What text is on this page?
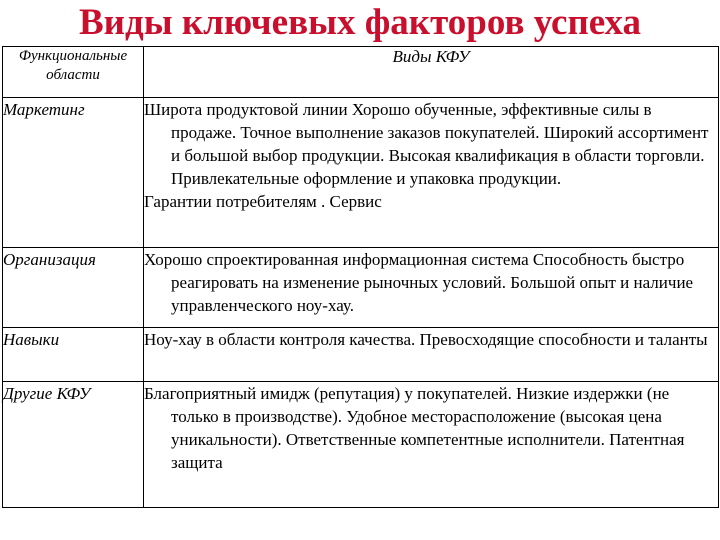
Виды ключевых факторов успеха
Функциональные области	Виды КФУ
Маркетинг	Широта продуктовой линии Хорошо обученные, эффективные силы в продаже. Точное выполнение заказов покупателей. Широкий ассортимент и большой выбор продукции. Высокая квалификация в области торговли. Привлекательные оформление и упаковка продукции.
Гарантии потребителям . Сервис

Организация	Хорошо спроектированная информационная система Способность быстро реагировать на изменение рыночных условий. Большой опыт и наличие управленческого ноу-хау.

Навыки	Ноу-хау в области контроля качества. Превосходящие способности и таланты

Другие КФУ	Благоприятный имидж (репутация) у покупателей. Низкие издержки (не только в производстве). Удобное месторасположение (высокая цена уникальности). Ответственные компетентные исполнители. Патентная защита
